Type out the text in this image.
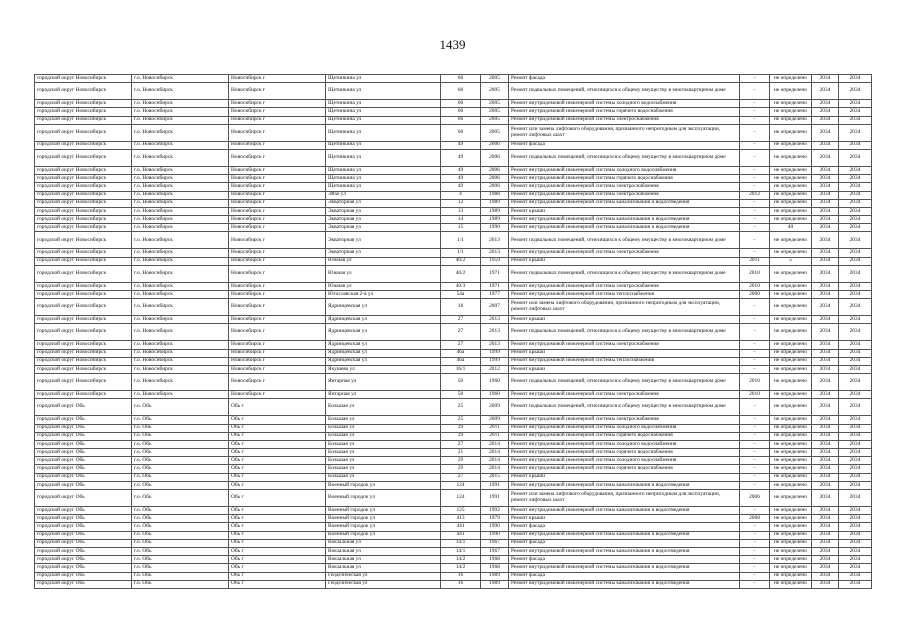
1439
городской округ Новосибирск	г.о. Новосибирск	Новосибирск г	Щетинкина ул	66	2005	Ремонт фасада	-	не определено	2034	2034
городской округ Новосибирск	г.о. Новосибирск	Новосибирск г	Щетинкина ул	66	2005	Ремонт подвальных помещений, относящихся к общему имуществу в многоквартирном доме	-	не определено	2034	2034
городской округ Новосибирск	г.о. Новосибирск	Новосибирск г	Щетинкина ул	66	2005	Ремонт внутридомовой инженерной системы холодного водоснабжения	-	не определено	2034	2034
городской округ Новосибирск	г.о. Новосибирск	Новосибирск г	Щетинкина ул	66	2005	Ремонт внутридомовой инженерной системы горячего водоснабжения	-	не определено	2034	2034
городской округ Новосибирск	г.о. Новосибирск	Новосибирск г	Щетинкина ул	66	2005	Ремонт внутридомовой инженерной системы электроснабжения	-	не определено	2034	2034
городской округ Новосибирск	г.о. Новосибирск	Новосибирск г	Щетинкина ул	66	2005	Ремонт или замена лифтового оборудования, признанного непригодным для эксплуатации, ремонт лифтовых шахт	-	не определено	2034	2034
городской округ Новосибирск	г.о. Новосибирск	Новосибирск г	Щетинкина ул	49	2006	Ремонт фасада	-	не определено	2034	2034
городской округ Новосибирск	г.о. Новосибирск	Новосибирск г	Щетинкина ул	49	2006	Ремонт подвальных помещений, относящихся к общему имуществу в многоквартирном доме	-	не определено	2034	2034
городской округ Новосибирск	г.о. Новосибирск	Новосибирск г	Щетинкина ул	49	2006	Ремонт внутридомовой инженерной системы холодного водоснабжения	-	не определено	2034	2034
городской округ Новосибирск	г.о. Новосибирск	Новосибирск г	Щетинкина ул	49	2006	Ремонт внутридомовой инженерной системы горячего водоснабжения	-	не определено	2034	2034
городской округ Новосибирск	г.о. Новосибирск	Новосибирск г	Щетинкина ул	49	2006	Ремонт внутридомовой инженерной системы электроснабжения	-	не определено	2034	2034
городской округ Новосибирск	г.о. Новосибирск	Новосибирск г	Эйхе ул	4	1988	Ремонт внутридомовой инженерной системы электроснабжения	2012	не определено	2034	2034
городской округ Новосибирск	г.о. Новосибирск	Новосибирск г	Экваторная ул	12	1989	Ремонт внутридомовой инженерной системы канализования и водоотведения	-	не определено	2034	2034
городской округ Новосибирск	г.о. Новосибирск	Новосибирск г	Экваторная ул	13	1989	Ремонт крыши	-	не определено	2034	2034
городской округ Новосибирск	г.о. Новосибирск	Новосибирск г	Экваторная ул	14	1989	Ремонт внутридомовой инженерной системы канализования и водоотведения	-	не определено	2034	2034
городской округ Новосибирск	г.о. Новосибирск	Новосибирск г	Экваторная ул	15	1990	Ремонт внутридомовой инженерной системы канализования и водоотведения	-	40	2034	2034
городской округ Новосибирск	г.о. Новосибирск	Новосибирск г	Экваторная ул	1/1	2013	Ремонт подвальных помещений, относящихся к общему имуществу в многоквартирном доме	-	не определено	2034	2034
городской округ Новосибирск	г.о. Новосибирск	Новосибирск г	Экваторная ул	1/1	2013	Ремонт внутридомовой инженерной системы электроснабжения	-	не определено	2034	2034
городской округ Новосибирск	г.о. Новосибирск	Новосибирск г	Южная ул	40/2	1959	Ремонт крыши	2011	5	2034	2034
городской округ Новосибирск	г.о. Новосибирск	Новосибирск г	Южная ул	40/2	1971	Ремонт подвальных помещений, относящихся к общему имуществу в многоквартирном доме	2010	не определено	2034	2034
городской округ Новосибирск	г.о. Новосибирск	Новосибирск г	Южная ул	40/3	1971	Ремонт внутридомовой инженерной системы электроснабжения	2010	не определено	2034	2034
городской округ Новосибирск	г.о. Новосибирск	Новосибирск г	Югославская 2-я ул	54а	1977	Ремонт внутридомовой инженерной системы теплоснабжения	2000	не определено	2034	2034
городской округ Новосибирск	г.о. Новосибирск	Новосибирск г	Ядринцевская ул	18	2007	Ремонт или замена лифтового оборудования, признанного непригодным для эксплуатации, ремонт лифтовых шахт	-	не определено	2034	2034
городской округ Новосибирск	г.о. Новосибирск	Новосибирск г	Ядринцевская ул	27	2013	Ремонт крыши	-	не определено	2034	2034
городской округ Новосибирск	г.о. Новосибирск	Новосибирск г	Ядринцевская ул	27	2013	Ремонт подвальных помещений, относящихся к общему имуществу в многоквартирном доме	-	не определено	2034	2034
городской округ Новосибирск	г.о. Новосибирск	Новосибирск г	Ядринцевская ул	27	2013	Ремонт внутридомовой инженерной системы электроснабжения	-	не определено	2034	2034
городской округ Новосибирск	г.о. Новосибирск	Новосибирск г	Ядринцевская ул	46а	1999	Ремонт крыши	-	не определено	2034	2034
городской округ Новосибирск	г.о. Новосибирск	Новосибирск г	Ядринцевская ул	46а	1999	Ремонт внутридомовой инженерной системы теплоснабжения	-	не определено	2034	2034
городской округ Новосибирск	г.о. Новосибирск	Новосибирск г	Якушева ул	16/1	2012	Ремонт крыши	-	не определено	2034	2034
городской округ Новосибирск	г.о. Новосибирск	Новосибирск г	Янтарная ул	50	1960	Ремонт подвальных помещений, относящихся к общему имуществу в многоквартирном доме	2010	не определено	2034	2034
городской округ Новосибирск	г.о. Новосибирск	Новосибирск г	Янтарная ул	50	1960	Ремонт внутридомовой инженерной системы электроснабжения	2010	не определено	2034	2034
городской округ Обь	г.о. Обь	Обь г	Большая ул	25	2009	Ремонт подвальных помещений, относящихся к общему имуществу в многоквартирном доме	-	не определено	2034	2034
городской округ Обь	г.о. Обь	Обь г	Большая ул	25	2009	Ремонт внутридомовой инженерной системы электроснабжения	-	не определено	2034	2034
городской округ Обь	г.о. Обь	Обь г	Большая ул	29	2011	Ремонт внутридомовой инженерной системы холодного водоснабжения	-	не определено	2034	2034
городской округ Обь	г.о. Обь	Обь г	Большая ул	29	2011	Ремонт внутридомовой инженерной системы горячего водоснабжения	-	не определено	2034	2034
городской округ Обь	г.о. Обь	Обь г	Большая ул	27	2014	Ремонт внутридомовой инженерной системы холодного водоснабжения	-	не определено	2034	2034
городской округ Обь	г.о. Обь	Обь г	Большая ул	21	2014	Ремонт внутридомовой инженерной системы горячего водоснабжения	-	не определено	2034	2034
городской округ Обь	г.о. Обь	Обь г	Большая ул	29	2014	Ремонт внутридомовой инженерной системы холодного водоснабжения	-	не определено	2034	2034
городской округ Обь	г.о. Обь	Обь г	Большая ул	29	2014	Ремонт внутридомовой инженерной системы горячего водоснабжения	-	не определено	2034	2034
городской округ Обь	г.о. Обь	Обь г	Большая ул	27	2015	Ремонт крыши	-	не определено	2034	2034
городской округ Обь	г.о. Обь	Обь г	Военный городок ул	124	1991	Ремонт внутридомовой инженерной системы канализования и водоотведения	-	не определено	2034	2034
городской округ Обь	г.о. Обь	Обь г	Военный городок ул	124	1991	Ремонт или замена лифтового оборудования, признанного непригодным для эксплуатации, ремонт лифтовых шахт	2006	не определено	2034	2034
городской округ Обь	г.о. Обь	Обь г	Военный городок ул	125	1992	Ремонт внутридомовой инженерной системы канализования и водоотведения	-	не определено	2034	2034
городской округ Обь	г.о. Обь	Обь г	Военный городок ул	413	1979	Ремонт крыши	2008	не определено	2034	2034
городской округ Обь	г.о. Обь	Обь г	Военный городок ул	441	1990	Ремонт фасада	-	не определено	2034	2034
городской округ Обь	г.о. Обь	Обь г	Военный городок ул	441	1990	Ремонт внутридомовой инженерной системы канализования и водоотведения	-	не определено	2034	2034
городской округ Обь	г.о. Обь	Обь г	Вокзальная ул	14/1	1967	Ремонт фасада	-	не определено	2034	2034
городской округ Обь	г.о. Обь	Обь г	Вокзальная ул	14/1	1967	Ремонт внутридомовой инженерной системы канализования и водоотведения	-	не определено	2034	2034
городской округ Обь	г.о. Обь	Обь г	Вокзальная ул	14/2	1968	Ремонт фасада	-	не определено	2034	2034
городской округ Обь	г.о. Обь	Обь г	Вокзальная ул	14/2	1968	Ремонт внутридомовой инженерной системы канализования и водоотведения	-	не определено	2034	2034
городской округ Обь	г.о. Обь	Обь г	Геодезическая ул	16	1989	Ремонт фасада	-	не определено	2034	2034
городской округ Обь	г.о. Обь	Обь г	Геодезическая ул	16	1989	Ремонт внутридомовой инженерной системы канализования и водоотведения	-	не определено	2034	2034
